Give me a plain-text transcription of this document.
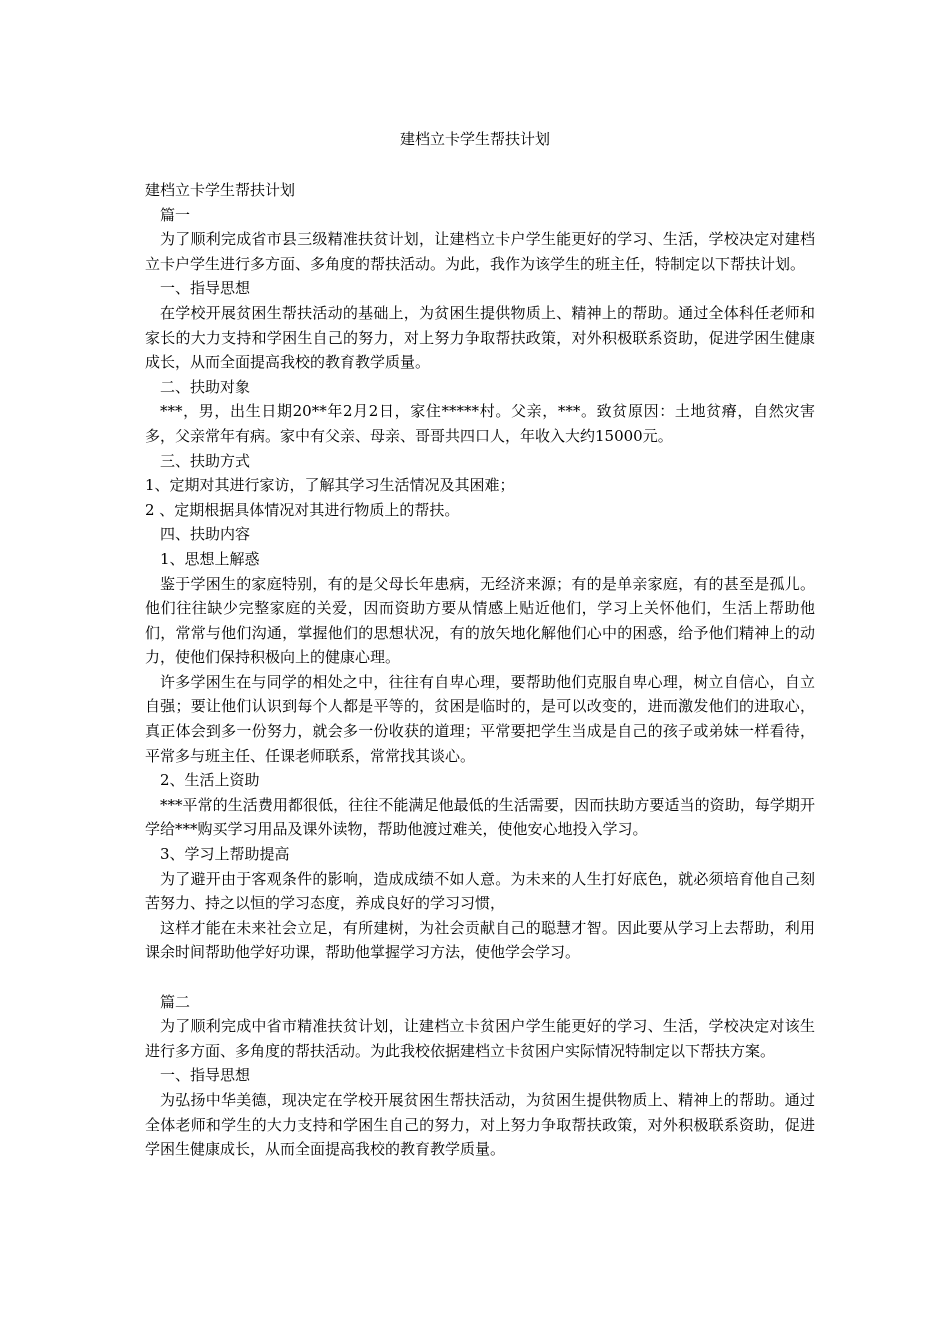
建档立卡学生帮扶计划

建档立卡学生帮扶计划

篇一

为了顺利完成省市县三级精准扶贫计划，让建档立卡户学生能更好的学习、生活，学校决定对建档立卡户学生进行多方面、多角度的帮扶活动。为此，我作为该学生的班主任，特制定以下帮扶计划。

一、指导思想

在学校开展贫困生帮扶活动的基础上，为贫困生提供物质上、精神上的帮助。通过全体科任老师和家长的大力支持和学困生自己的努力，对上努力争取帮扶政策，对外积极联系资助，促进学困生健康成长，从而全面提高我校的教育教学质量。

二、扶助对象

***，男，出生日期20**年2月2日，家住*****村。父亲，***。致贫原因：土地贫瘠，自然灾害多，父亲常年有病。家中有父亲、母亲、哥哥共四口人，年收入大约15000元。

三、扶助方式

1、定期对其进行家访，了解其学习生活情况及其困难；

2 、定期根据具体情况对其进行物质上的帮扶。

四、扶助内容

1、思想上解惑

鉴于学困生的家庭特别，有的是父母长年患病，无经济来源；有的是单亲家庭，有的甚至是孤儿。他们往往缺少完整家庭的关爱，因而资助方要从情感上贴近他们，学习上关怀他们，生活上帮助他们，常常与他们沟通，掌握他们的思想状况，有的放矢地化解他们心中的困惑，给予他们精神上的动力，使他们保持积极向上的健康心理。

许多学困生在与同学的相处之中，往往有自卑心理，要帮助他们克服自卑心理，树立自信心，自立自强；要让他们认识到每个人都是平等的，贫困是临时的，是可以改变的，进而激发他们的进取心，真正体会到多一份努力，就会多一份收获的道理；平常要把学生当成是自己的孩子或弟妹一样看待，平常多与班主任、任课老师联系，常常找其谈心。

2、生活上资助

***平常的生活费用都很低，往往不能满足他最低的生活需要，因而扶助方要适当的资助，每学期开学给***购买学习用品及课外读物，帮助他渡过难关，使他安心地投入学习。

3、学习上帮助提高

为了避开由于客观条件的影响，造成成绩不如人意。为未来的人生打好底色，就必须培育他自己刻苦努力、持之以恒的学习态度，养成良好的学习习惯，

这样才能在未来社会立足，有所建树，为社会贡献自己的聪慧才智。因此要从学习上去帮助，利用课余时间帮助他学好功课，帮助他掌握学习方法，使他学会学习。

篇二

为了顺利完成中省市精准扶贫计划，让建档立卡贫困户学生能更好的学习、生活，学校决定对该生进行多方面、多角度的帮扶活动。为此我校依据建档立卡贫困户实际情况特制定以下帮扶方案。

一、指导思想

为弘扬中华美德，现决定在学校开展贫困生帮扶活动，为贫困生提供物质上、精神上的帮助。通过全体老师和学生的大力支持和学困生自己的努力，对上努力争取帮扶政策，对外积极联系资助，促进学困生健康成长，从而全面提高我校的教育教学质量。
